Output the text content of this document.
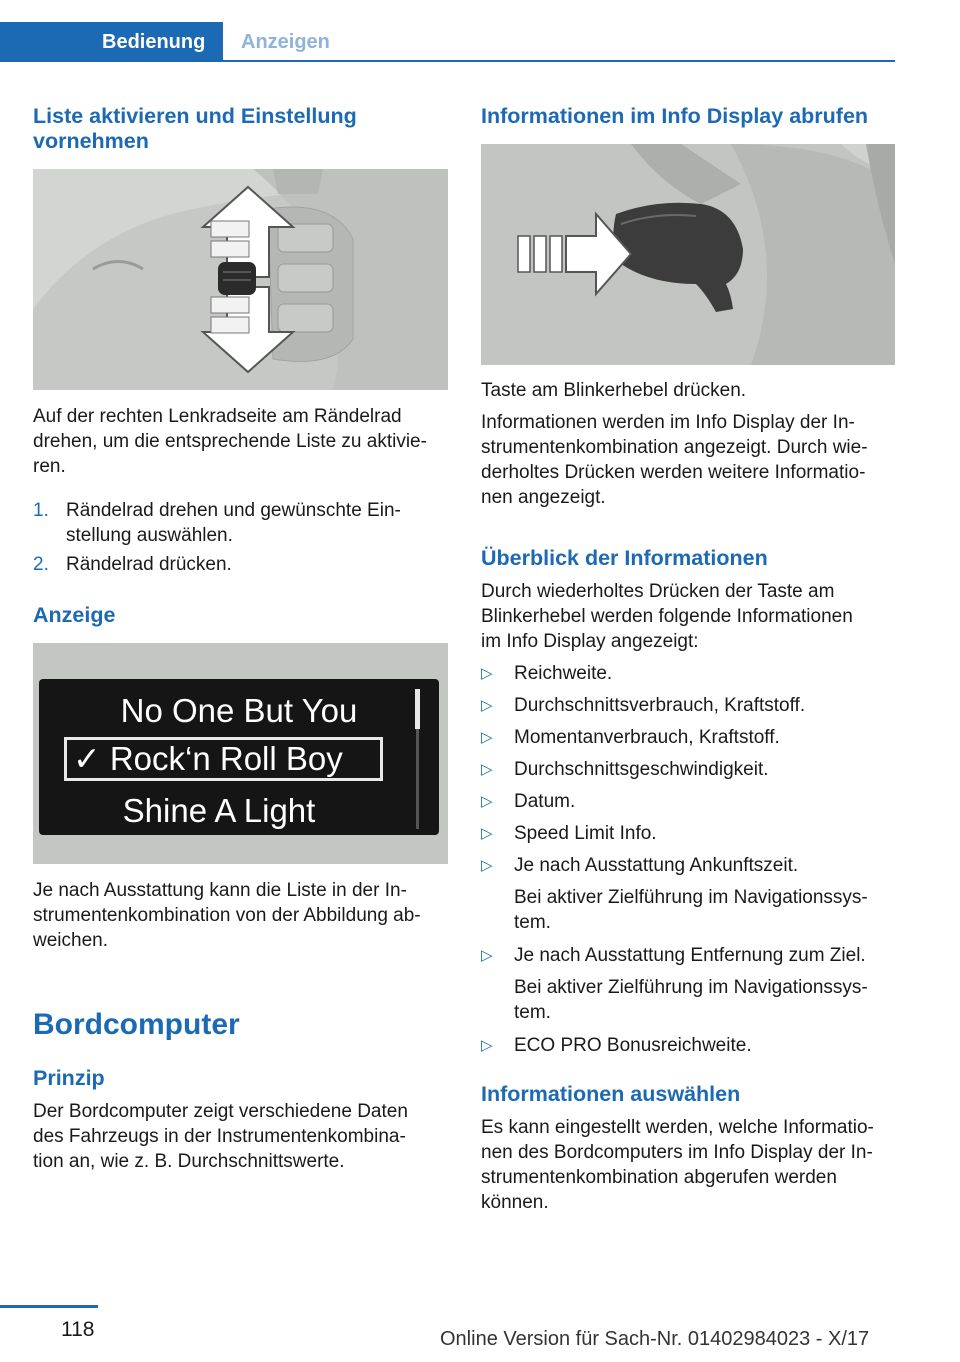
Bedienung	Anzeigen
Liste aktivieren und Einstellung
vornehmen
Auf der rechten Lenkradseite am Rändelrad
drehen, um die entsprechende Liste zu aktivie-
ren.
1. Rändelrad drehen und gewünschte Ein-
stellung auswählen.
2. Rändelrad drücken.
Anzeige
No One But You
✓ Rock‘n Roll Boy
Shine A Light
Je nach Ausstattung kann die Liste in der In-
strumentenkombination von der Abbildung ab-
weichen.
Bordcomputer
Prinzip
Der Bordcomputer zeigt verschiedene Daten
des Fahrzeugs in der Instrumentenkombina-
tion an, wie z. B. Durchschnittswerte.
Informationen im Info Display abrufen
Taste am Blinkerhebel drücken.
Informationen werden im Info Display der In-
strumentenkombination angezeigt. Durch wie-
derholtes Drücken werden weitere Informatio-
nen angezeigt.
Überblick der Informationen
Durch wiederholtes Drücken der Taste am
Blinkerhebel werden folgende Informationen
im Info Display angezeigt:
▷ Reichweite.
▷ Durchschnittsverbrauch, Kraftstoff.
▷ Momentanverbrauch, Kraftstoff.
▷ Durchschnittsgeschwindigkeit.
▷ Datum.
▷ Speed Limit Info.
▷ Je nach Ausstattung Ankunftszeit.
Bei aktiver Zielführung im Navigationssys-
tem.
▷ Je nach Ausstattung Entfernung zum Ziel.
Bei aktiver Zielführung im Navigationssys-
tem.
▷ ECO PRO Bonusreichweite.
Informationen auswählen
Es kann eingestellt werden, welche Informatio-
nen des Bordcomputers im Info Display der In-
strumentenkombination abgerufen werden
können.
118	Online Version für Sach-Nr. 01402984023 - X/17
